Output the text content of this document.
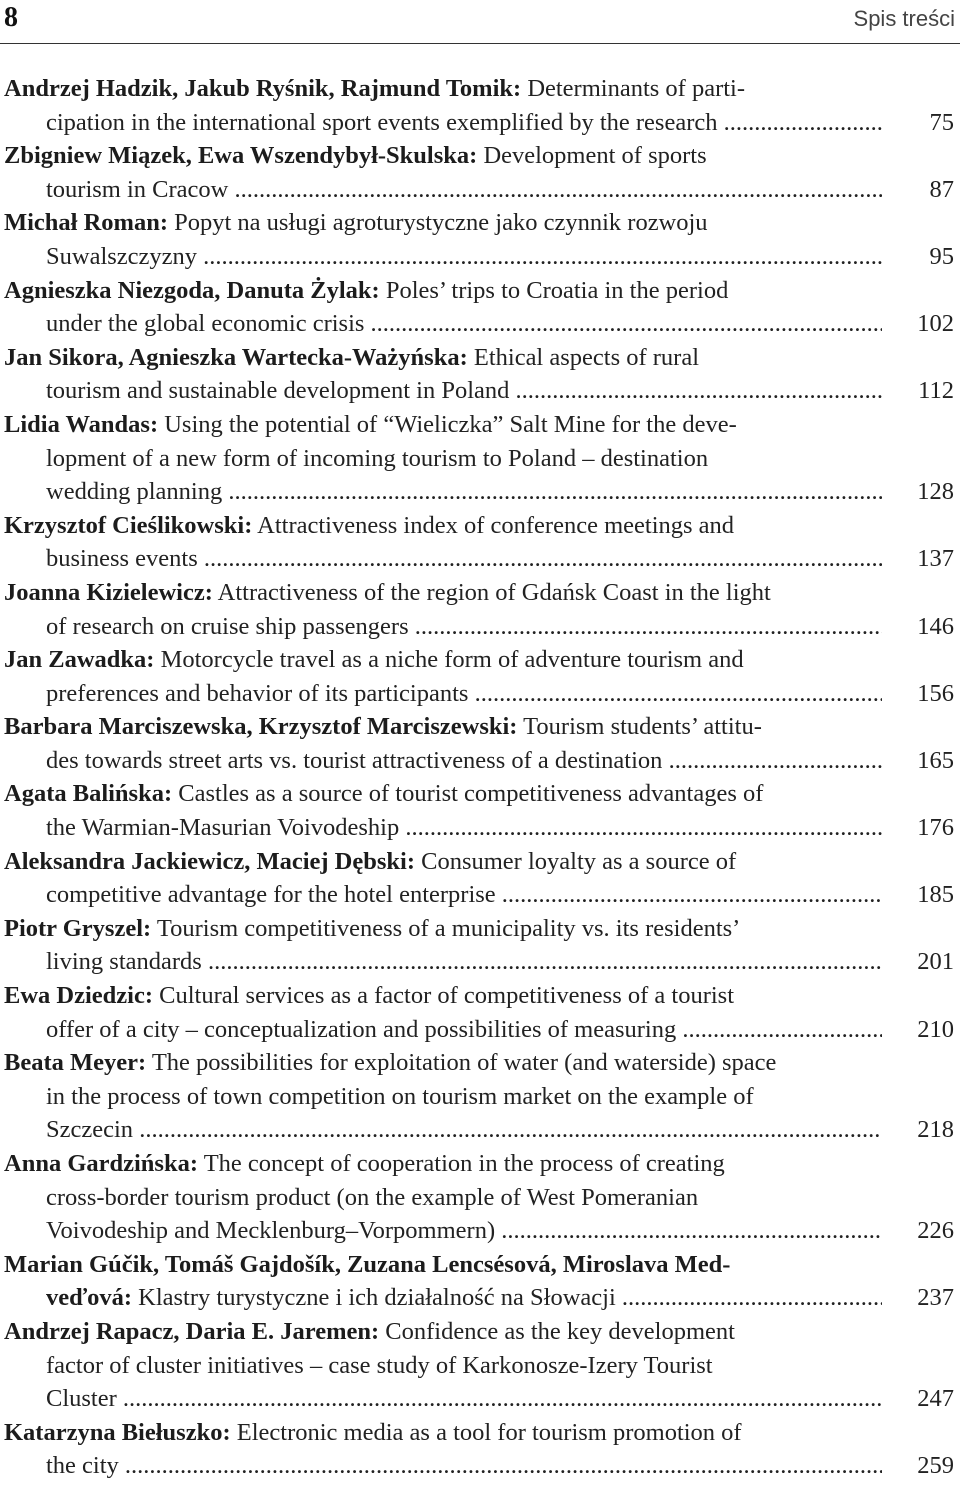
8	Spis treści
Andrzej Hadzik, Jakub Ryśnik, Rajmund Tomik: Determinants of parti-
cipation in the international sport events exemplified by the research .....	75
Zbigniew Miązek, Ewa Wszendybył-Skulska: Development of sports
tourism in Cracow .....	87
Michał Roman: Popyt na usługi agroturystyczne jako czynnik rozwoju
Suwalszczyzny .....	95
Agnieszka Niezgoda, Danuta Żylak: Poles’ trips to Croatia in the period
under the global economic crisis .....	102
Jan Sikora, Agnieszka Wartecka-Ważyńska: Ethical aspects of rural
tourism and sustainable development in Poland .....	112
Lidia Wandas: Using the potential of “Wieliczka” Salt Mine for the deve-
lopment of a new form of incoming tourism to Poland – destination
wedding planning .....	128
Krzysztof Cieślikowski: Attractiveness index of conference meetings and
business events .....	137
Joanna Kizielewicz: Attractiveness of the region of Gdańsk Coast in the light
of research on cruise ship passengers .....	146
Jan Zawadka: Motorcycle travel as a niche form of adventure tourism and
preferences and behavior of its participants .....	156
Barbara Marciszewska, Krzysztof Marciszewski: Tourism students’ attitu-
des towards street arts vs. tourist attractiveness of a destination .....	165
Agata Balińska: Castles as a source of tourist competitiveness advantages of
the Warmian-Masurian Voivodeship .....	176
Aleksandra Jackiewicz, Maciej Dębski: Consumer loyalty as a source of
competitive advantage for the hotel enterprise .....	185
Piotr Gryszel: Tourism competitiveness of a municipality vs. its residents’
living standards .....	201
Ewa Dziedzic: Cultural services as a factor of competitiveness of a tourist
offer of a city – conceptualization and possibilities of measuring .....	210
Beata Meyer: The possibilities for exploitation of water (and waterside) space
in the process of town competition on tourism market on the example of
Szczecin .....	218
Anna Gardzińska: The concept of cooperation in the process of creating
cross-border tourism product (on the example of West Pomeranian
Voivodeship and Mecklenburg–Vorpommern) .....	226
Marian Gúčik, Tomáš Gajdošík, Zuzana Lencsésová, Miroslava Med-
veďová: Klastry turystyczne i ich działalność na Słowacji .....	237
Andrzej Rapacz, Daria E. Jaremen: Confidence as the key development
factor of cluster initiatives – case study of Karkonosze-Izery Tourist
Cluster .....	247
Katarzyna Biełuszko: Electronic media as a tool for tourism promotion of
the city .....	259
